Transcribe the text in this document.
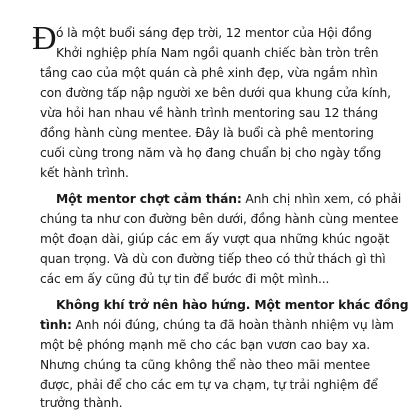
Đ ó là một buổi sáng đẹp trời, 12 mentor của Hội đồng
Khởi nghiệp phía Nam ngồi quanh chiếc bàn tròn trên
tầng cao của một quán cà phê xinh đẹp, vừa ngắm nhìn
con đường tấp nập người xe bên dưới qua khung cửa kính,
vừa hỏi han nhau về hành trình mentoring sau 12 tháng
đồng hành cùng mentee. Đây là buổi cà phê mentoring
cuối cùng trong năm và họ đang chuẩn bị cho ngày tổng
kết hành trình.
Một mentor chợt cảm thán: Anh chị nhìn xem, có phải
chúng ta như con đường bên dưới, đồng hành cùng mentee
một đoạn dài, giúp các em ấy vượt qua những khúc ngoặt
quan trọng. Và dù con đường tiếp theo có thử thách gì thì
các em ấy cũng đủ tự tin để bước đi một mình...
Không khí trở nên hào hứng. Một mentor khác đồng
tình: Anh nói đúng, chúng ta đã hoàn thành nhiệm vụ làm
một bệ phóng mạnh mẽ cho các bạn vươn cao bay xa.
Nhưng chúng ta cũng không thể nào theo mãi mentee
được, phải để cho các em tự va chạm, tự trải nghiệm để
trưởng thành.
